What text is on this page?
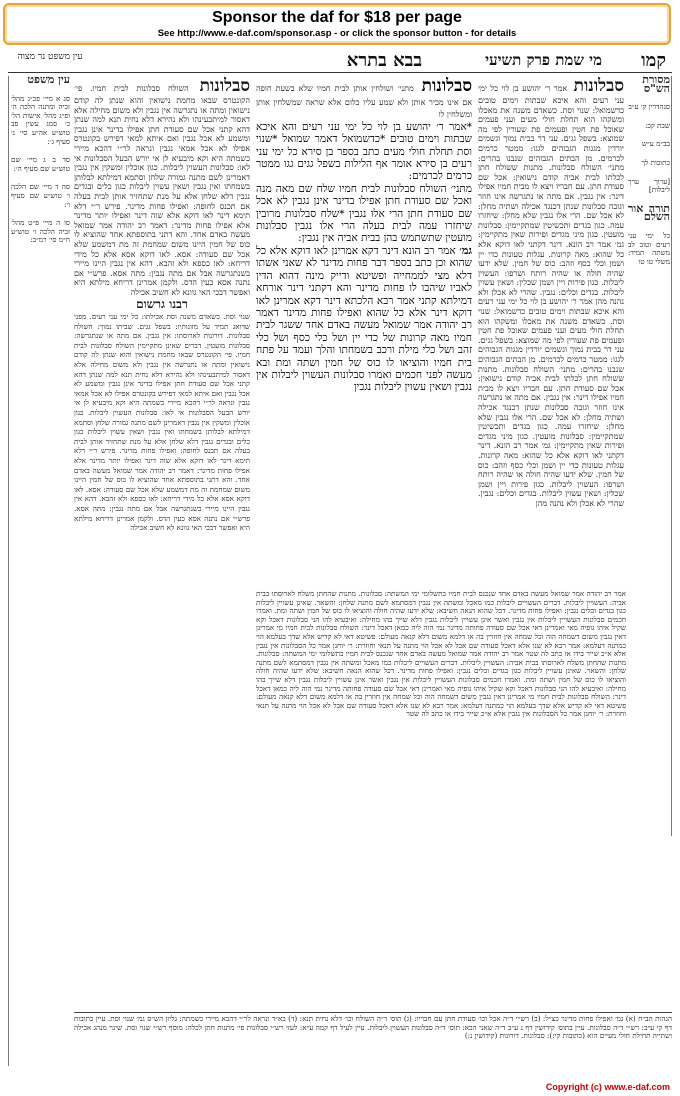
Sponsor the daf for $18 per page
See http://www.e-daf.com/sponsor.asp - or click the sponsor button - for details
קמו
בבא בתרא	מי שמת פרק תשיעי
עין משפט נר מצוה
עין משפט
סג א מיי׳ פכ״ג מהל׳ זכיה ומתנה הלכה ה׳ ופ״ג מהל׳ אישות הל׳ כ׳ סמג עשין פב טוש״ע אה״ע סי׳ נ׳ סעיף ג׳:
סד ב ג מיי׳ שם טוש״ע שם סעיף ה׳:
סה ד מיי׳ שם הלכה ו׳ טוש״ע שם סעיף ו׳:
סו ה מיי׳ פ״ט מהל׳ זכיה הלכה ז׳ טוש״ע ח״מ סי׳ רמ״ב:
סבלונות השולח סבלונות לבית חמיו. פי׳ הקונטרס שבאו מחמת נישואין והוא שנתן לה קודם נישואין ומתה או נתגרשה אין נגבין ולא משום מחילה אלא דאסור למיתבעינהו ולא נהירא דלא נחית תנא למה שנתן דהא קתני אכל שם סעודת חתן אפילו בדינר אינן נגבין ומשמע לא אכל נגבין ואם איתא למאי דפירש בקונטרס אפילו לא אכל אמאי נגבין ונראה לר״י דהכא מיירי כשמתה היא וקא מיבעיא לן אי יורש הבעל הסבלונות אי לאו: סבלונות העשוין ליבלות. כגון אוכלין ומשקין אין נגבין דאמרינן לשם מתנה גמורה שלחן וסתמא דמילתא לבלותן בשמחתו ואין נגבין ושאין עשוין ליבלות כגון כלים ובגדים נגבין דלא שלחן אלא על מנת שתחזיר אותן לבית בעלה אם תכנס לחופה: ואפילו פחות מדינר. פירש ר״י דלא תימא דינר לאו דוקא אלא שוה דינר ואפילו יותר מדינר אלא אפילו פחות מדינר: דאמר רב יהודה אמר שמואל מעשה באדם אחד. והא דתני בתוספתא אחד שהוציא לו כוס של חמין היינו משום שמחמת זה מת דמשמע שלא אכל שם סעודה: אסא. לאו דוקא אסא אלא כל מידי דריחא: לאו כספא ולא זהבא. דהא אין נגבין היינו מיירי בשנתגרשה אבל אם מתה נגבין: מתה אסא. פרש״י אם נתנה אסא כעין הדס. ולקמן אמרינן דריחא מילתא היא ואפשר דבכי האי גוונא לא חשיב אכילה
רבנו גרשום
שנוי וסת. כשאדם משנה וסת אכילתו: כל ימי עני רעים. מפני שדואג תמיד על מזונותיו: בשפל גגים. שביתו נמוך: השולח סבלונות. דורונות לארוסתו: אין נגבין. אם מתה או שנתגרשה: סבלונות מועטין. דברים שאינן מתקיימין השולח סבלונות לבית חמיו. פי׳ הקונטרס שבאו מחמת נישואין והוא שנתן לה קודם נישואין ומתה או נתגרשה אין נגבין ולא משום מחילה אלא דאסור למיתבעינהו ולא נהירא דלא נחית תנא למה שנתן דהא קתני אכל שם סעודת חתן אפילו בדינר אינן נגבין ומשמע לא אכל נגבין ואם איתא למאי דפירש בקונטרס אפילו לא אכל אמאי נגבין ונראה לר״י דהכא מיירי כשמתה היא וקא מיבעיא לן אי יורש הבעל הסבלונות אי לאו: סבלונות העשוין ליבלות. כגון אוכלין ומשקין אין נגבין דאמרינן לשם מתנה גמורה שלחן וסתמא דמילתא לבלותן בשמחתו ואין נגבין ושאין עשוין ליבלות כגון כלים ובגדים נגבין דלא שלחן אלא על מנת שתחזיר אותן לבית בעלה אם תכנס לחופה: ואפילו פחות מדינר. פירש ר״י דלא תימא דינר לאו דוקא אלא שוה דינר ואפילו יותר מדינר אלא אפילו פחות מדינר: דאמר רב יהודה אמר שמואל מעשה באדם אחד. והא דתני בתוספתא אחד שהוציא לו כוס של חמין היינו משום שמחמת זה מת דמשמע שלא אכל שם סעודה: אסא. לאו דוקא אסא אלא כל מידי דריחא: לאו כספא ולא זהבא. דהא אין נגבין היינו מיירי בשנתגרשה אבל אם מתה נגבין: מתה אסא. פרש״י אם נתנה אסא כעין הדס. ולקמן אמרינן דריחא מילתא היא ואפשר דבכי האי גוונא לא חשיב אכילה
סבלונות מתני׳ ושולחין אותן לבית חמיו שלא בשעת חופה אם אינו מכיר אותן ולא שמע עליו כלום אלא שראה שמשלחין אותן ומשלחין לו

*אמר ר׳ יהושע בן לוי כל ימי עני רעים והא איכא שבתות וימים טובים *כדשמואל דאמר שמואל *שנוי וסת תחלת חולי מעים כתב בספר בן סירא כל ימי עני רעים בן סירא אומר אף הלילות בשפל גגים גגו ממטר כרמים לכרמים:

מתני׳ השולח סבלונות לבית חמיו שלח שם מאה מנה ואכל שם סעודת חתן אפילו בדינר אינן נגבין לא אכל שם סעודת חתן הרי אלו נגבין *שלח סבלונות מרובין שיחזרו עמה לבית בעלה הרי אלו נגבין סבלונות מועטין שתשתמש בהן בבית אביה אין נגבין:

גמ׳ אמר רב הונא דינר דקא אמרינן לאו דוקא אלא כל שהוא וכן כתב בספר דבר פחות מדינר לא שאני אשתו דלא מצי לממחייה ופשיטא ודייק מינה דהוא הדין לאביו שיהבו לו פחות מדינר והא דקתני דינר אורחא דמילתא קתני אמר רבא הלכתא דינר דקא אמרינן לאו דוקא דינר אלא כל שהוא ואפילו פחות מדינר דאמר רב יהודה אמר שמואל מעשה באדם אחד ששגר לבית חמיו מאה קרונות של כדי יין ושל כלי כסף ושל כלי זהב ושל כלי מילת ורכב בשמחתו והלך ועמד על פתח בית חמיו והוציאו לו כוס של חמין ושתה ומת ובא מעשה לפני חכמים ואמרו סבלונות העשוין ליבלות אין נגבין ושאין עשוין ליבלות נגבין

סבלונות אמר ר׳ יהושע בן לוי כל ימי עני רעים והא איכא שבתות וימים טובים כדשמואל: שנוי וסת. כשאדם משנה את מאכלו ומשקהו הוא תחלת חולי מעים ועני פעמים שאוכל פת חטין ופעמים פת שעורין לפי מה שמוצא: בשפל גגים. עני דר בבית נמוך וגשמים יורדין מגגות הגבוהים לגגו: ממטר כרמים לכרמים. מן הבתים הגבוהים שנבנו בהרים: מתני׳ השולח סבלונות. מתנות ששולח חתן לכלתו לבית אביה קודם נישואין: אכל שם סעודת חתן. עם חבריו ויצא לו מבית חמיו אפילו דינר: אין נגבין. אם מתה או נתגרשה אינו חוזר וגובה סבלונות שנתן דכנגד אכילה ושתיה מחלן: לא אכל שם. הרי אלו נגבין שלא מחלן: שיחזרו עמה. כגון בגדים ותכשיטין שמתקיימין: סבלונות מועטין. כגון מיני מגדים ופירות שאין מתקיימין: גמ׳ אמר רב הונא. דינר דקתני לאו דוקא אלא כל שהוא: מאה קרונות. עגלות טעונות כדי יין ושמן וכלי כסף וזהב: כוס של חמין. שלא ידעו שהיה חולה או שהיה רותח ושרפו: העשוין ליבלות. כגון פירות ויין ושמן שכלין: ושאין עשוין ליבלות. בגדים וכלים: נגבין. שהרי לא אכלן ולא נהנה מהן אמר ר׳ יהושע בן לוי כל ימי עני רעים והא איכא שבתות וימים טובים כדשמואל: שנוי וסת. כשאדם משנה את מאכלו ומשקהו הוא תחלת חולי מעים ועני פעמים שאוכל פת חטין ופעמים פת שעורין לפי מה שמוצא: בשפל גגים. עני דר בבית נמוך וגשמים יורדין מגגות הגבוהים לגגו: ממטר כרמים לכרמים. מן הבתים הגבוהים שנבנו בהרים: מתני׳ השולח סבלונות. מתנות ששולח חתן לכלתו לבית אביה קודם נישואין: אכל שם סעודת חתן. עם חבריו ויצא לו מבית חמיו אפילו דינר: אין נגבין. אם מתה או נתגרשה אינו חוזר וגובה סבלונות שנתן דכנגד אכילה ושתיה מחלן: לא אכל שם. הרי אלו נגבין שלא מחלן: שיחזרו עמה. כגון בגדים ותכשיטין שמתקיימין: סבלונות מועטין. כגון מיני מגדים ופירות שאין מתקיימין: גמ׳ אמר רב הונא. דינר דקתני לאו דוקא אלא כל שהוא: מאה קרונות. עגלות טעונות כדי יין ושמן וכלי כסף וזהב: כוס של חמין. שלא ידעו שהיה חולה או שהיה רותח ושרפו: העשוין ליבלות. כגון פירות ויין ושמן שכלין: ושאין עשוין ליבלות. בגדים וכלים: נגבין. שהרי לא אכלן ולא נהנה מהן
מסורת הש"ס
סנהדרין ק׳ ע״ב
שבת קכ:
בב״מ ע״ש
כתובות לך
[ערוך ערך ליבלות]
תורה אור השלם
כל ימי עני רעים וטוב לב משתה תמיד: משלי טו טו
אמר רב יהודה אמר שמואל מעשה באדם אחד שנכנס לבית חמיו בתשלומי ימי המשתה: סבלונות. מתנות שהחתן משלח לארוסתו בבית אביה: העשויין ליבלות. דברים העשויים ליבלות כמו מאכל ומשתה אין נגבין דמסתמא לשם מתנה שלחן: והשאר. שאינן עשויין ליבלות כגון בגדים וכלים נגבין: ואפילו פחות מדינר. דכל שהוא הנאה חשיבא: שלא ידעו שהיה חולה והוציאו לו כוס של חמין ושתה ומת. ואמרו חכמים סבלונות העשויין ליבלות אין נגבין ואשר אינן עשויין ליבלות נגבין דלא שייך בהו מחילה: ואיבעיא להו הני סבלונות דאכל וקא שקיל איהו גופיה מאי ואמרינן דאי אכל שם סעודה פחותה מדינר נמי הוה ליה כמאן דאכל דינר: השולח סבלונות לבית חמיו מי אמרינן דאין נגבין משום דשמחה הוה וכל שמחה אין חוזרין בה או דלמא משום דלא קנאה מעולם: פשיטא דאי לא קדיש אלא שדך בעלמא הוי כמתנה דעלמא: אמר רבא לא שנו אלא דאכל סעודה שם אבל לא אכל הוי מתנה על תנאי וחוזרת: ר׳ יוחנן אמר כל הסבלונות אין נגבין אלא א״כ שייר בידו או כתב לה שטר אמר רב יהודה אמר שמואל מעשה באדם אחד שנכנס לבית חמיו בתשלומי ימי המשתה: סבלונות. מתנות שהחתן משלח לארוסתו בבית אביה: העשויין ליבלות. דברים העשויים ליבלות כמו מאכל ומשתה אין נגבין דמסתמא לשם מתנה שלחן: והשאר. שאינן עשויין ליבלות כגון בגדים וכלים נגבין: ואפילו פחות מדינר. דכל שהוא הנאה חשיבא: שלא ידעו שהיה חולה והוציאו לו כוס של חמין ושתה ומת. ואמרו חכמים סבלונות העשויין ליבלות אין נגבין ואשר אינן עשויין ליבלות נגבין דלא שייך בהו מחילה: ואיבעיא להו הני סבלונות דאכל וקא שקיל איהו גופיה מאי ואמרינן דאי אכל שם סעודה פחותה מדינר נמי הוה ליה כמאן דאכל דינר: השולח סבלונות לבית חמיו מי אמרינן דאין נגבין משום דשמחה הוה וכל שמחה אין חוזרין בה או דלמא משום דלא קנאה מעולם: פשיטא דאי לא קדיש אלא שדך בעלמא הוי כמתנה דעלמא: אמר רבא לא שנו אלא דאכל סעודה שם אבל לא אכל הוי מתנה על תנאי וחוזרת: ר׳ יוחנן אמר כל הסבלונות אין נגבין אלא א״כ שייר בידו או כתב לה שטר
הגהות הב״ח (א) גמ׳ ואפילו פחות מדינר כצ״ל: (ב) רש״י ד״ה אכל וכו׳ סעודת חתן עם חבריו: (ג) תוס׳ ד״ה השולח וכו׳ דלא נחית תנא: (ד) בא״ד ונראה לר״י דהכא מיירי כשמתה: גליון הש״ס גמ׳ שנוי וסת. עיין כתובות דף קי ע״ב: רש״י ד״ה סבלונות. עיין בתוס׳ קידושין דף נ ע״ב ד״ה שאני הכא: תוס׳ ד״ה סבלונות העשוין ליבלות. עיין לעיל דף קמה ע״א: לעזי רש״י סבלונות פי׳ מתנות חתן לכלה: מוסף רש״י שנוי וסת. שינוי מנהג אכילה ושתייה תחילת חולי מעיים הוא (כתובות קי:): סבלונות. דורונות (קידושין נ:)
Copyright (c) www.e-daf.com
